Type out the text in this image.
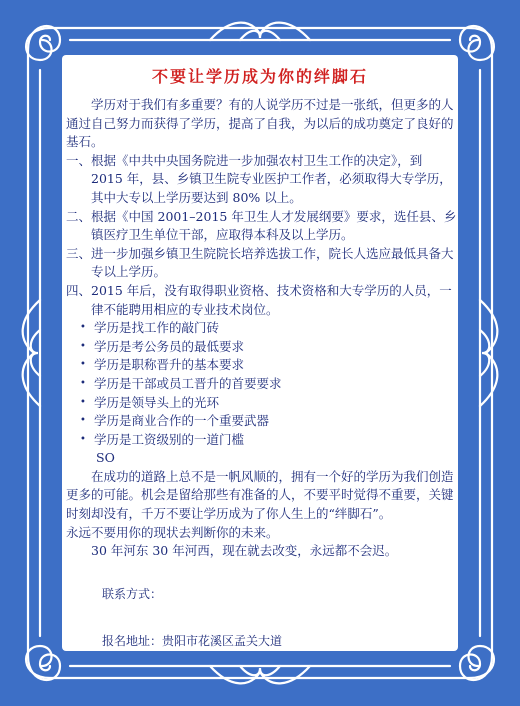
不要让学历成为你的绊脚石

学历对于我们有多重要？有的人说学历不过是一张纸，但更多的人通过自己努力而获得了学历，提高了自我，为以后的成功奠定了良好的基石。

一、 根据《中共中央国务院进一步加强农村卫生工作的决定》，到 2015 年，县、乡镇卫生院专业医护工作者，必须取得大专学历，其中大专以上学历要达到 80% 以上。
二、 根据《中国 2001–2015 年卫生人才发展纲要》要求，选任县、乡镇医疗卫生单位干部，应取得本科及以上学历。
三、 进一步加强乡镇卫生院院长培养选拔工作，院长人选应最低具备大专以上学历。
四、 2015 年后，没有取得职业资格、技术资格和大专学历的人员，一律不能聘用相应的专业技术岗位。
• 学历是找工作的敲门砖
• 学历是考公务员的最低要求
• 学历是职称晋升的基本要求
• 学历是干部或员工晋升的首要要求
• 学历是领导头上的光环
• 学历是商业合作的一个重要武器
• 学历是工资级别的一道门槛

SO

在成功的道路上总不是一帆风顺的，拥有一个好的学历为我们创造更多的可能。机会是留给那些有准备的人，不要平时觉得不重要，关键时刻却没有，千万不要让学历成为了你人生上的“绊脚石”。

永远不要用你的现状去判断你的未来。

30 年河东 30 年河西，现在就去改变，永远都不会迟。

联系方式：
报名地址：贵阳市花溪区孟关大道
